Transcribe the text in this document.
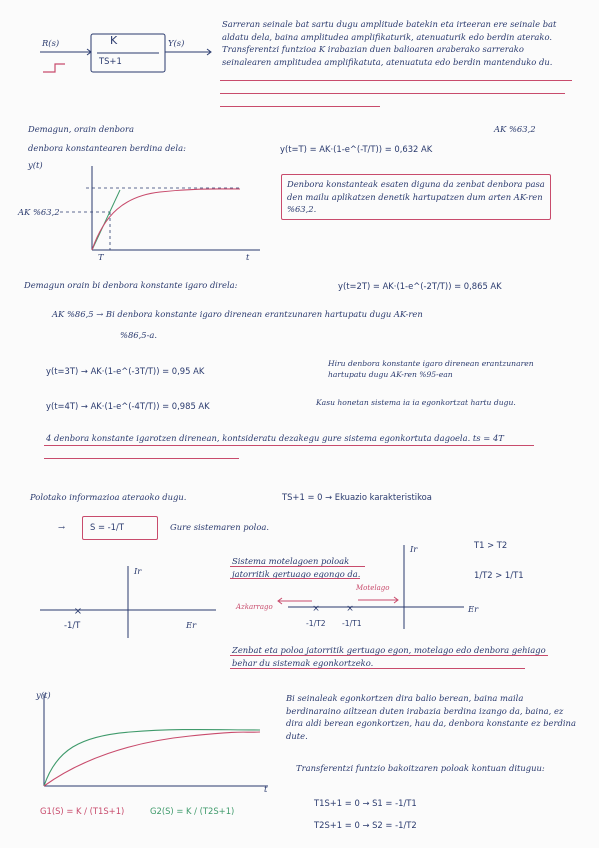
R(s)	Y(s)
K
TS+1
Sarreran seinale bat sartu dugu amplitude batekin eta irteeran ere seinale bat aldatu dela, baina amplitudea amplifikaturik, atenuaturik edo berdin aterako. Transferentzi funtzioa K irabazian duen balioaren araberako sarrerako seinalearen amplitudea amplifikatuta, atenuatuta edo berdin mantenduko du.
Demagun, orain denbora
denbora konstantearen berdina dela:	y(t=T) = AK·(1-e^(-T/T)) = 0,632 AK
AK %63,2
y(t)
t
AK %63,2
T
Denbora konstanteak esaten diguna da zenbat denbora pasa den mailu aplikatzen denetik hartupatzen dum arten AK-ren %63,2.
Demagun orain bi denbora konstante igaro direla:	y(t=2T) = AK·(1-e^(-2T/T)) = 0,865 AK
AK %86,5 → Bi denbora konstante igaro direnean erantzunaren hartupatu dugu AK-ren
%86,5-a.
y(t=3T) → AK·(1-e^(-3T/T)) = 0,95 AK
Hiru denbora konstante igaro direnean erantzunaren hartupatu dugu AK-ren %95-ean
y(t=4T) → AK·(1-e^(-4T/T)) = 0,985 AK	Kasu honetan sistema ia ia egonkortzat hartu dugu.
4 denbora konstante igarotzen direnean, kontsideratu dezakegu gure sistema egonkortuta dagoela. ts = 4T
Polotako informazioa ateraoko dugu.	TS+1 = 0 → Ekuazio karakteristikoa
→	S = -1/T	Gure sistemaren poloa.
×
Ir
Er
-1/T
Sistema motelagoen poloak jatorritik gertuago egongo da.
×	×
Ir
Er
Motelago
Azkarrago
-1/T2 -1/T1
Zenbat eta poloa jatorritik gertuago egon, motelago edo denbora gehiago behar du sistemak egonkortzeko.
T1 > T2
1/T2 > 1/T1
y(t)
t
G1(S) = K / (T1S+1)	G2(S) = K / (T2S+1)
Bi seinaleak egonkortzen dira balio berean, baina maila berdinaraino ailtzean duten irabazia berdina izango da, baina, ez dira aldi berean egonkortzen, hau da, denbora konstante ez berdina dute.
Transferentzi funtzio bakoitzaren poloak kontuan dituguu:
T1S+1 = 0 → S1 = -1/T1
T2S+1 = 0 → S2 = -1/T2
